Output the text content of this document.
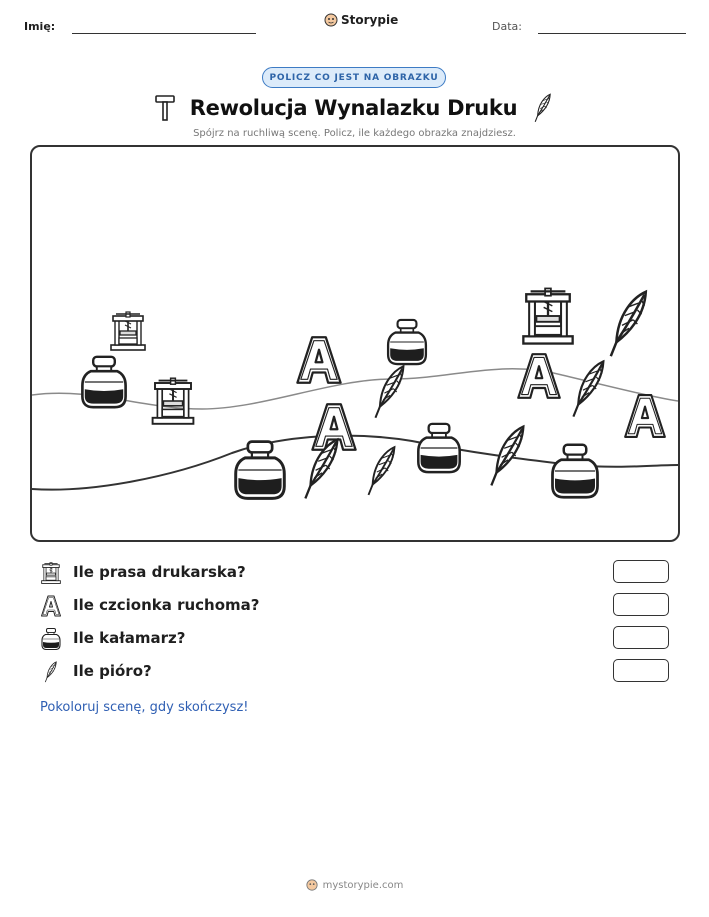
Imię:	Storypie	Data:
POLICZ CO JEST NA OBRAZKU
Rewolucja Wynalazku Druku
Spójrz na ruchliwą scenę. Policz, ile każdego obrazka znajdziesz.
Ile prasa drukarska?
Ile czcionka ruchoma?
Ile kałamarz?
Ile pióro?
Pokoloruj scenę, gdy skończysz!
mystorypie.com
